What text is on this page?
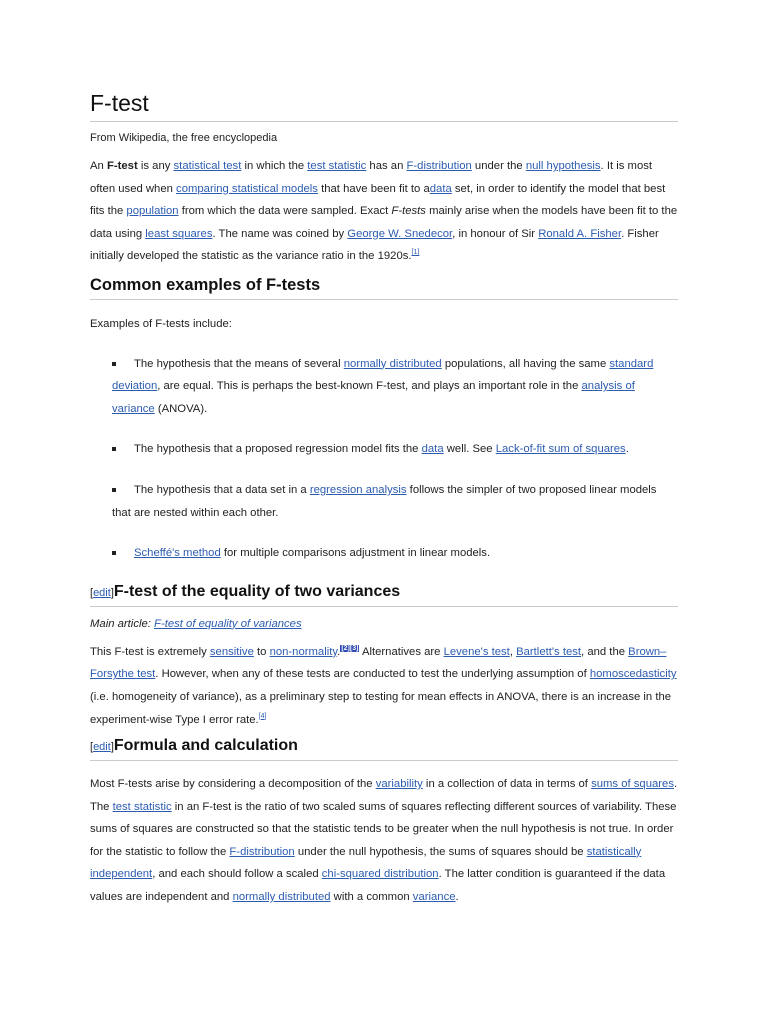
F-test
From Wikipedia, the free encyclopedia

An F-test is any statistical test in which the test statistic has an F-distribution under the null hypothesis. It is most often used when comparing statistical models that have been fit to adata set, in order to identify the model that best fits the population from which the data were sampled. Exact F-tests mainly arise when the models have been fit to the data using least squares. The name was coined by George W. Snedecor, in honour of Sir Ronald A. Fisher. Fisher initially developed the statistic as the variance ratio in the 1920s.[1]

Common examples of F-tests

Examples of F-tests include:

The hypothesis that the means of several normally distributed populations, all having the same standard deviation, are equal. This is perhaps the best-known F-test, and plays an important role in the analysis of variance (ANOVA).
The hypothesis that a proposed regression model fits the data well. See Lack-of-fit sum of squares.
The hypothesis that a data set in a regression analysis follows the simpler of two proposed linear models that are nested within each other.
Scheffé's method for multiple comparisons adjustment in linear models.
[edit]F-test of the equality of two variances
Main article: F-test of equality of variances

This F-test is extremely sensitive to non-normality.[2][3] Alternatives are Levene's test, Bartlett's test, and the Brown–Forsythe test. However, when any of these tests are conducted to test the underlying assumption of homoscedasticity (i.e. homogeneity of variance), as a preliminary step to testing for mean effects in ANOVA, there is an increase in the experiment-wise Type I error rate.[4]

[edit]Formula and calculation

Most F-tests arise by considering a decomposition of the variability in a collection of data in terms of sums of squares. The test statistic in an F-test is the ratio of two scaled sums of squares reflecting different sources of variability. These sums of squares are constructed so that the statistic tends to be greater when the null hypothesis is not true. In order for the statistic to follow the F-distribution under the null hypothesis, the sums of squares should be statistically independent, and each should follow a scaled chi-squared distribution. The latter condition is guaranteed if the data values are independent and normally distributed with a common variance.
